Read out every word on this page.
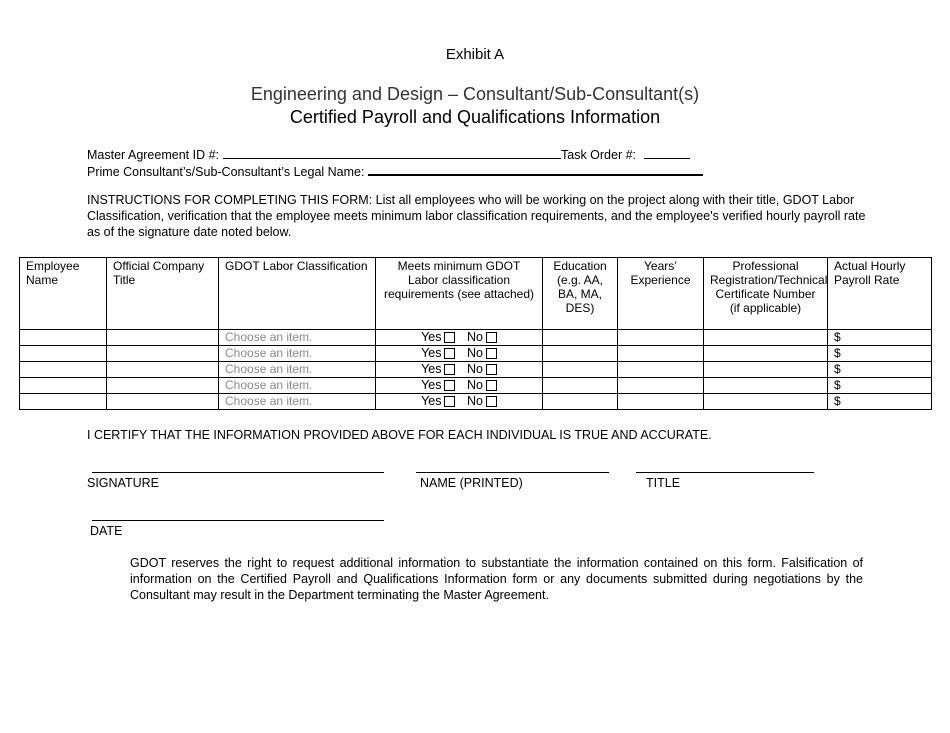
Exhibit A
Engineering and Design – Consultant/Sub-Consultant(s)
Certified Payroll and Qualifications Information
Master Agreement ID #:	Task Order #:
Prime Consultant’s/Sub-Consultant’s Legal Name:
INSTRUCTIONS FOR COMPLETING THIS FORM: List all employees who will be working on the project along with their title, GDOT Labor Classification, verification that the employee meets minimum labor classification requirements, and the employee's verified hourly payroll rate as of the signature date noted below.
Employee Name	Official Company Title	GDOT Labor Classification	Meets minimum GDOT Labor classification requirements (see attached)	Education (e.g. AA, BA, MA, DES)	Years’ Experience	Professional Registration/Technical Certificate Number (if applicable)	Actual Hourly Payroll Rate
		Choose an item.	Yes No				$
		Choose an item.	Yes No				$
		Choose an item.	Yes No				$
		Choose an item.	Yes No				$
		Choose an item.	Yes No				$
I CERTIFY THAT THE INFORMATION PROVIDED ABOVE FOR EACH INDIVIDUAL IS TRUE AND ACCURATE.
SIGNATURE	NAME (PRINTED)	TITLE
DATE
GDOT reserves the right to request additional information to substantiate the information contained on this form. Falsification of information on the Certified Payroll and Qualifications Information form or any documents submitted during negotiations by the Consultant may result in the Department terminating the Master Agreement.
